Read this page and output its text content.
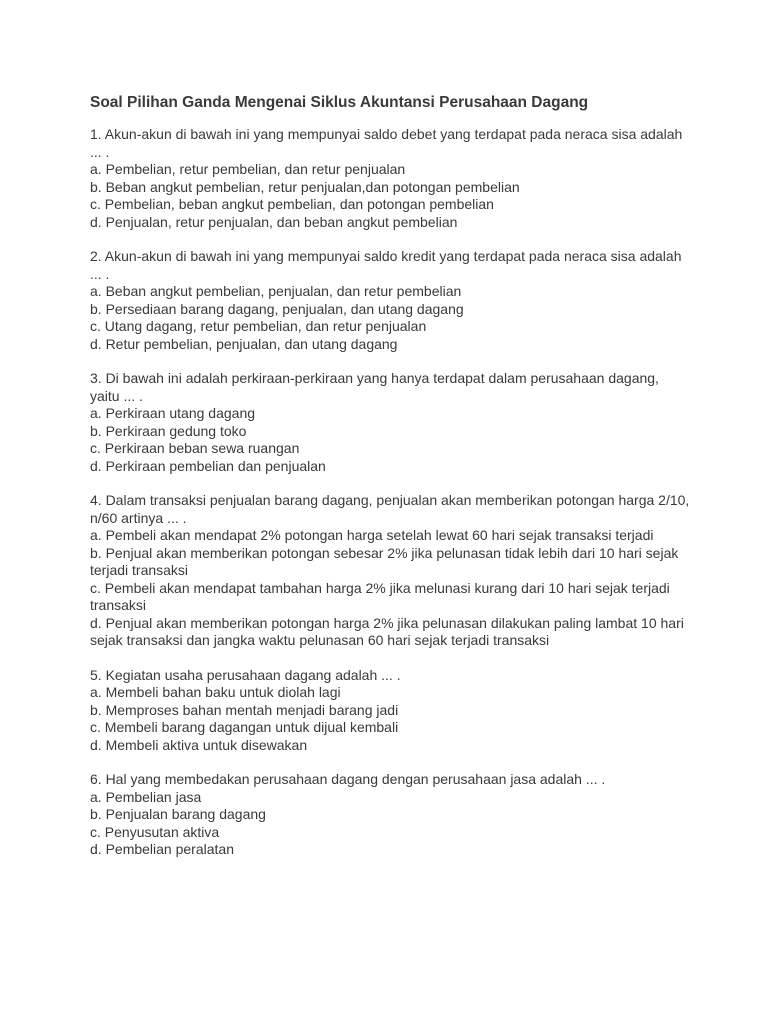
Soal Pilihan Ganda Mengenai Siklus Akuntansi Perusahaan Dagang
1. Akun-akun di bawah ini yang mempunyai saldo debet yang terdapat pada neraca sisa adalah ... .
a. Pembelian, retur pembelian, dan retur penjualan
b. Beban angkut pembelian, retur penjualan,dan potongan pembelian
c. Pembelian, beban angkut pembelian, dan potongan pembelian
d. Penjualan, retur penjualan, dan beban angkut pembelian
2. Akun-akun di bawah ini yang mempunyai saldo kredit yang terdapat pada neraca sisa adalah ... .
a. Beban angkut pembelian, penjualan, dan retur pembelian
b. Persediaan barang dagang, penjualan, dan utang dagang
c. Utang dagang, retur pembelian, dan retur penjualan
d. Retur pembelian, penjualan, dan utang dagang
3. Di bawah ini adalah perkiraan-perkiraan yang hanya terdapat dalam perusahaan dagang, yaitu ... .
a. Perkiraan utang dagang
b. Perkiraan gedung toko
c. Perkiraan beban sewa ruangan
d. Perkiraan pembelian dan penjualan
4. Dalam transaksi penjualan barang dagang, penjualan akan memberikan potongan harga 2/10, n/60 artinya ... .
a. Pembeli akan mendapat 2% potongan harga setelah lewat 60 hari sejak transaksi terjadi
b. Penjual akan memberikan potongan sebesar 2% jika pelunasan tidak lebih dari 10 hari sejak terjadi transaksi
c. Pembeli akan mendapat tambahan harga 2% jika melunasi kurang dari 10 hari sejak terjadi transaksi
d. Penjual akan memberikan potongan harga 2% jika pelunasan dilakukan paling lambat 10 hari sejak transaksi dan jangka waktu pelunasan 60 hari sejak terjadi transaksi
5. Kegiatan usaha perusahaan dagang adalah ... .
a. Membeli bahan baku untuk diolah lagi
b. Memproses bahan mentah menjadi barang jadi
c. Membeli barang dagangan untuk dijual kembali
d. Membeli aktiva untuk disewakan
6. Hal yang membedakan perusahaan dagang dengan perusahaan jasa adalah ... .
a. Pembelian jasa
b. Penjualan barang dagang
c. Penyusutan aktiva
d. Pembelian peralatan
